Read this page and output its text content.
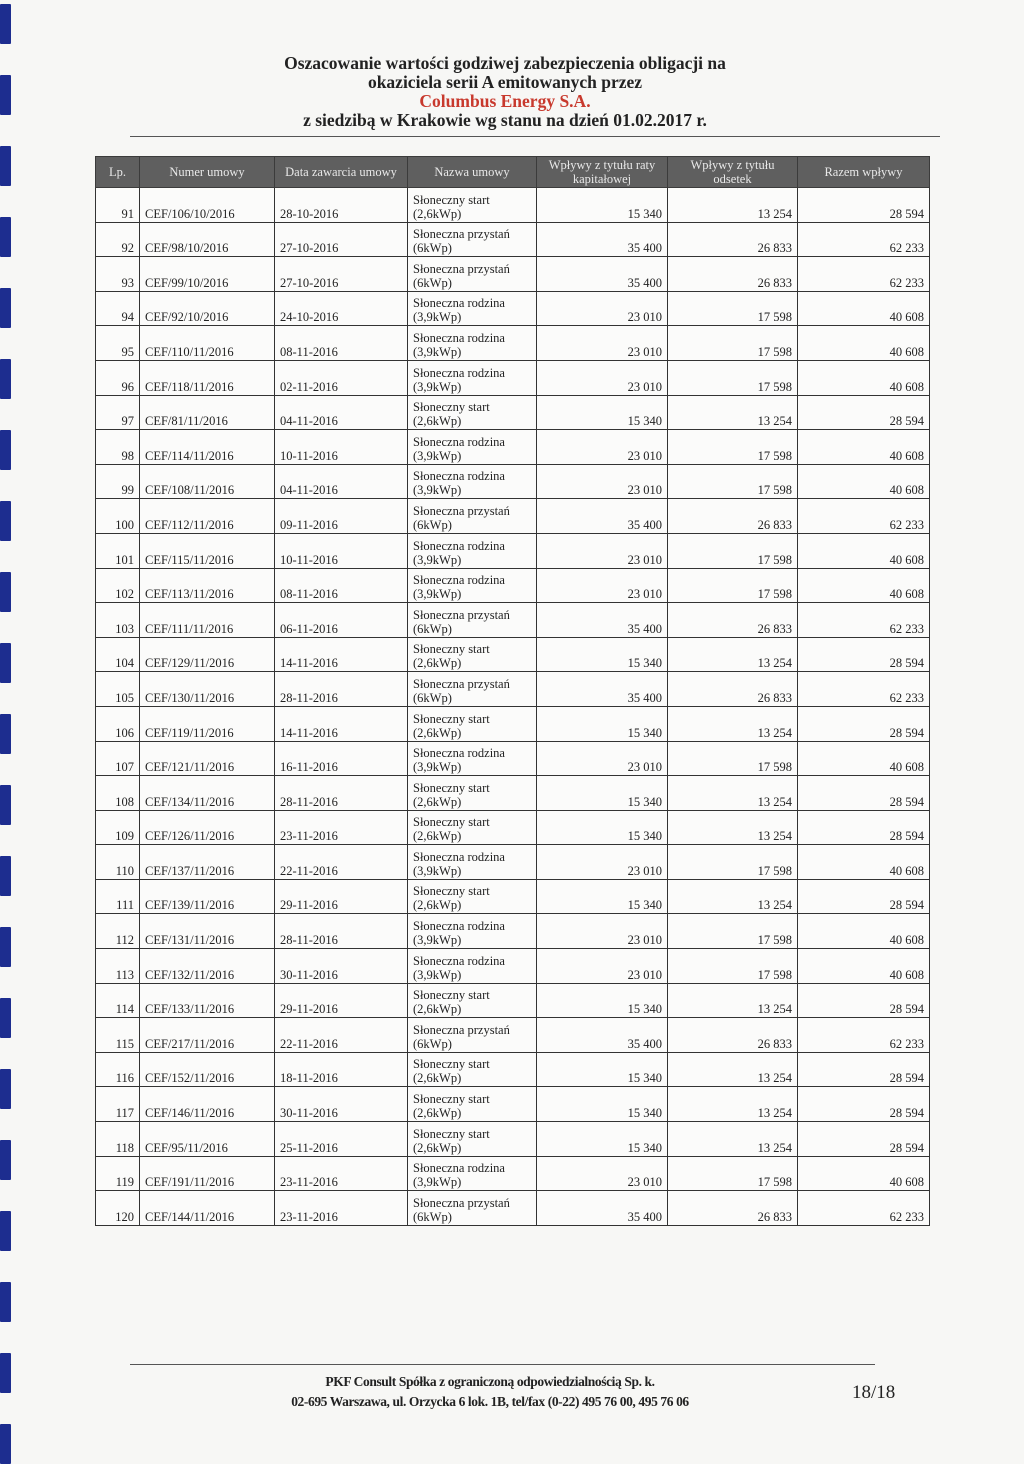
Oszacowanie wartości godziwej zabezpieczenia obligacji na
okaziciela serii A emitowanych przez
Columbus Energy S.A.
z siedzibą w Krakowie wg stanu na dzień 01.02.2017 r.
Lp.	Numer umowy	Data zawarcia umowy	Nazwa umowy	Wpływy z tytułu raty kapitałowej	Wpływy z tytułu odsetek	Razem wpływy
91	CEF/106/10/2016	28-10-2016	Słoneczny start
(2,6kWp)	15 340	13 254	28 594
92	CEF/98/10/2016	27-10-2016	Słoneczna przystań
(6kWp)	35 400	26 833	62 233
93	CEF/99/10/2016	27-10-2016	Słoneczna przystań
(6kWp)	35 400	26 833	62 233
94	CEF/92/10/2016	24-10-2016	Słoneczna rodzina
(3,9kWp)	23 010	17 598	40 608
95	CEF/110/11/2016	08-11-2016	Słoneczna rodzina
(3,9kWp)	23 010	17 598	40 608
96	CEF/118/11/2016	02-11-2016	Słoneczna rodzina
(3,9kWp)	23 010	17 598	40 608
97	CEF/81/11/2016	04-11-2016	Słoneczny start
(2,6kWp)	15 340	13 254	28 594
98	CEF/114/11/2016	10-11-2016	Słoneczna rodzina
(3,9kWp)	23 010	17 598	40 608
99	CEF/108/11/2016	04-11-2016	Słoneczna rodzina
(3,9kWp)	23 010	17 598	40 608
100	CEF/112/11/2016	09-11-2016	Słoneczna przystań
(6kWp)	35 400	26 833	62 233
101	CEF/115/11/2016	10-11-2016	Słoneczna rodzina
(3,9kWp)	23 010	17 598	40 608
102	CEF/113/11/2016	08-11-2016	Słoneczna rodzina
(3,9kWp)	23 010	17 598	40 608
103	CEF/111/11/2016	06-11-2016	Słoneczna przystań
(6kWp)	35 400	26 833	62 233
104	CEF/129/11/2016	14-11-2016	Słoneczny start
(2,6kWp)	15 340	13 254	28 594
105	CEF/130/11/2016	28-11-2016	Słoneczna przystań
(6kWp)	35 400	26 833	62 233
106	CEF/119/11/2016	14-11-2016	Słoneczny start
(2,6kWp)	15 340	13 254	28 594
107	CEF/121/11/2016	16-11-2016	Słoneczna rodzina
(3,9kWp)	23 010	17 598	40 608
108	CEF/134/11/2016	28-11-2016	Słoneczny start
(2,6kWp)	15 340	13 254	28 594
109	CEF/126/11/2016	23-11-2016	Słoneczny start
(2,6kWp)	15 340	13 254	28 594
110	CEF/137/11/2016	22-11-2016	Słoneczna rodzina
(3,9kWp)	23 010	17 598	40 608
111	CEF/139/11/2016	29-11-2016	Słoneczny start
(2,6kWp)	15 340	13 254	28 594
112	CEF/131/11/2016	28-11-2016	Słoneczna rodzina
(3,9kWp)	23 010	17 598	40 608
113	CEF/132/11/2016	30-11-2016	Słoneczna rodzina
(3,9kWp)	23 010	17 598	40 608
114	CEF/133/11/2016	29-11-2016	Słoneczny start
(2,6kWp)	15 340	13 254	28 594
115	CEF/217/11/2016	22-11-2016	Słoneczna przystań
(6kWp)	35 400	26 833	62 233
116	CEF/152/11/2016	18-11-2016	Słoneczny start
(2,6kWp)	15 340	13 254	28 594
117	CEF/146/11/2016	30-11-2016	Słoneczny start
(2,6kWp)	15 340	13 254	28 594
118	CEF/95/11/2016	25-11-2016	Słoneczny start
(2,6kWp)	15 340	13 254	28 594
119	CEF/191/11/2016	23-11-2016	Słoneczna rodzina
(3,9kWp)	23 010	17 598	40 608
120	CEF/144/11/2016	23-11-2016	Słoneczna przystań
(6kWp)	35 400	26 833	62 233
PKF Consult Spółka z ograniczoną odpowiedzialnością Sp. k.
02-695 Warszawa, ul. Orzycka 6 lok. 1B, tel/fax (0-22) 495 76 00, 495 76 06	18/18
